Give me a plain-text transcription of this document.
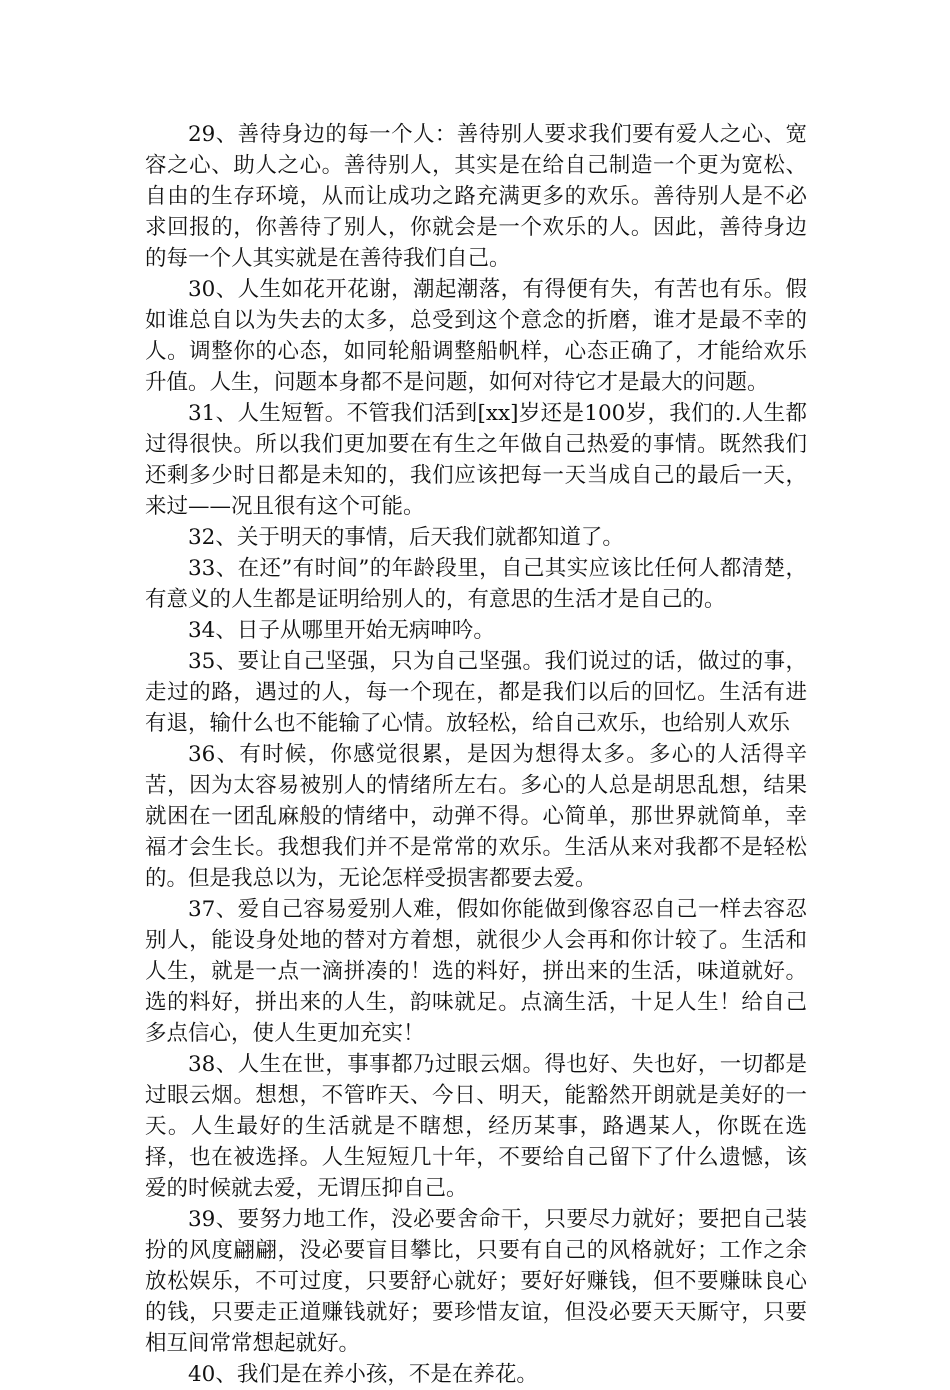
29、善待身边的每一个人：善待别人要求我们要有爱人之心、宽容之心、助人之心。善待别人，其实是在给自己制造一个更为宽松、自由的生存环境，从而让成功之路充满更多的欢乐。善待别人是不必求回报的，你善待了别人，你就会是一个欢乐的人。因此，善待身边的每一个人其实就是在善待我们自己。

30、人生如花开花谢，潮起潮落，有得便有失，有苦也有乐。假如谁总自以为失去的太多，总受到这个意念的折磨，谁才是最不幸的人。调整你的心态，如同轮船调整船帆样，心态正确了，才能给欢乐升值。人生，问题本身都不是问题，如何对待它才是最大的问题。

31、人生短暂。不管我们活到[xx]岁还是100岁，我们的.人生都过得很快。所以我们更加要在有生之年做自己热爱的事情。既然我们还剩多少时日都是未知的，我们应该把每一天当成自己的最后一天，来过——况且很有这个可能。

32、关于明天的事情，后天我们就都知道了。

33、在还”有时间”的年龄段里，自己其实应该比任何人都清楚，有意义的人生都是证明给别人的，有意思的生活才是自己的。

34、日子从哪里开始无病呻吟。

35、要让自己坚强，只为自己坚强。我们说过的话，做过的事，走过的路，遇过的人，每一个现在，都是我们以后的回忆。生活有进有退，输什么也不能输了心情。放轻松，给自己欢乐，也给别人欢乐

36、有时候，你感觉很累，是因为想得太多。多心的人活得辛苦，因为太容易被别人的情绪所左右。多心的人总是胡思乱想，结果就困在一团乱麻般的情绪中，动弹不得。心简单，那世界就简单，幸福才会生长。我想我们并不是常常的欢乐。生活从来对我都不是轻松的。但是我总以为，无论怎样受损害都要去爱。

37、爱自己容易爱别人难，假如你能做到像容忍自己一样去容忍别人，能设身处地的替对方着想，就很少人会再和你计较了。生活和人生，就是一点一滴拼凑的！选的料好，拼出来的生活，味道就好。选的料好，拼出来的人生，韵味就足。点滴生活，十足人生！给自己多点信心，使人生更加充实！

38、人生在世，事事都乃过眼云烟。得也好、失也好，一切都是过眼云烟。想想，不管昨天、今日、明天，能豁然开朗就是美好的一天。人生最好的生活就是不瞎想，经历某事，路遇某人，你既在选择，也在被选择。人生短短几十年，不要给自己留下了什么遗憾，该爱的时候就去爱，无谓压抑自己。

39、要努力地工作，没必要舍命干，只要尽力就好；要把自己装扮的风度翩翩，没必要盲目攀比，只要有自己的风格就好；工作之余放松娱乐，不可过度，只要舒心就好；要好好赚钱，但不要赚昧良心的钱，只要走正道赚钱就好；要珍惜友谊，但没必要天天厮守，只要相互间常常想起就好。

40、我们是在养小孩，不是在养花。
